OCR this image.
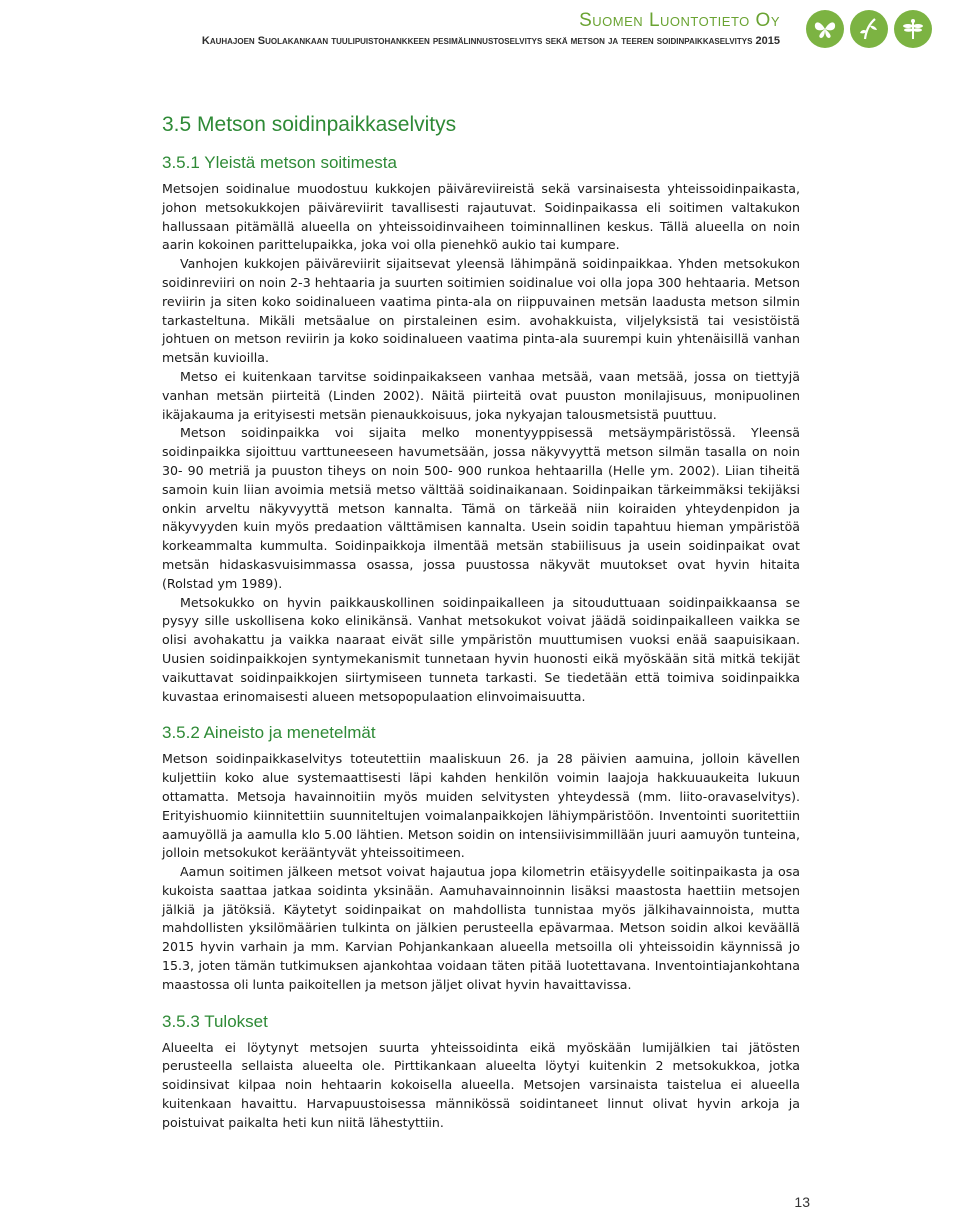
Suomen Luontotieto Oy
Kauhajoen Suolakankaan tuulipuistohankkeen pesimälinnustoselvitys sekä metson ja teeren soidinpaikkaselvitys 2015
3.5 Metson soidinpaikkaselvitys
3.5.1 Yleistä metson soitimesta

Metsojen soidinalue muodostuu kukkojen päiväreviireistä sekä varsinaisesta yhteissoidinpaikasta, johon metsokukkojen päiväreviirit tavallisesti rajautuvat. Soidinpaikassa eli soitimen valtakukon hallussaan pitämällä alueella on yhteissoidinvaiheen toiminnallinen keskus. Tällä alueella on noin aarin kokoinen parittelupaikka, joka voi olla pienehkö aukio tai kumpare.

Vanhojen kukkojen päiväreviirit sijaitsevat yleensä lähimpänä soidinpaikkaa. Yhden metsokukon soidinreviiri on noin 2-3 hehtaaria ja suurten soitimien soidinalue voi olla jopa 300 hehtaaria. Metson reviirin ja siten koko soidinalueen vaatima pinta-ala on riippuvainen metsän laadusta metson silmin tarkasteltuna. Mikäli metsäalue on pirstaleinen esim. avohakkuista, viljelyksistä tai vesistöistä johtuen on metson reviirin ja koko soidinalueen vaatima pinta-ala suurempi kuin yhtenäisillä vanhan metsän kuvioilla.

Metso ei kuitenkaan tarvitse soidinpaikakseen vanhaa metsää, vaan metsää, jossa on tiettyjä vanhan metsän piirteitä (Linden 2002). Näitä piirteitä ovat puuston monilajisuus, monipuolinen ikäjakauma ja erityisesti metsän pienaukkoisuus, joka nykyajan talousmetsistä puuttuu.

Metson soidinpaikka voi sijaita melko monentyyppisessä metsäympäristössä. Yleensä soidinpaikka sijoittuu varttuneeseen havumetsään, jossa näkyvyyttä metson silmän tasalla on noin 30- 90 metriä ja puuston tiheys on noin 500- 900 runkoa hehtaarilla (Helle ym. 2002). Liian tiheitä samoin kuin liian avoimia metsiä metso välttää soidinaikanaan. Soidinpaikan tärkeimmäksi tekijäksi onkin arveltu näkyvyyttä metson kannalta. Tämä on tärkeää niin koiraiden yhteydenpidon ja näkyvyyden kuin myös predaation välttämisen kannalta. Usein soidin tapahtuu hieman ympäristöä korkeammalta kummulta. Soidinpaikkoja ilmentää metsän stabiilisuus ja usein soidinpaikat ovat metsän hidaskasvuisimmassa osassa, jossa puustossa näkyvät muutokset ovat hyvin hitaita (Rolstad ym 1989).

Metsokukko on hyvin paikkauskollinen soidinpaikalleen ja sitouduttuaan soidinpaikkaansa se pysyy sille uskollisena koko elinikänsä. Vanhat metsokukot voivat jäädä soidinpaikalleen vaikka se olisi avohakattu ja vaikka naaraat eivät sille ympäristön muuttumisen vuoksi enää saapuisikaan. Uusien soidinpaikkojen syntymekanismit tunnetaan hyvin huonosti eikä myöskään sitä mitkä tekijät vaikuttavat soidinpaikkojen siirtymiseen tunneta tarkasti. Se tiedetään että toimiva soidinpaikka kuvastaa erinomaisesti alueen metsopopulaation elinvoimaisuutta.

3.5.2 Aineisto ja menetelmät

Metson soidinpaikkaselvitys toteutettiin maaliskuun 26. ja 28 päivien aamuina, jolloin kävellen kuljettiin koko alue systemaattisesti läpi kahden henkilön voimin laajoja hakkuuaukeita lukuun ottamatta. Metsoja havainnoitiin myös muiden selvitysten yhteydessä (mm. liito-oravaselvitys). Erityishuomio kiinnitettiin suunniteltujen voimalanpaikkojen lähiympäristöön. Inventointi suoritettiin aamuyöllä ja aamulla klo 5.00 lähtien. Metson soidin on intensiivisimmillään juuri aamuyön tunteina, jolloin metsokukot kerääntyvät yhteissoitimeen.

Aamun soitimen jälkeen metsot voivat hajautua jopa kilometrin etäisyydelle soitinpaikasta ja osa kukoista saattaa jatkaa soidinta yksinään. Aamuhavainnoinnin lisäksi maastosta haettiin metsojen jälkiä ja jätöksiä. Käytetyt soidinpaikat on mahdollista tunnistaa myös jälkihavainnoista, mutta mahdollisten yksilömäärien tulkinta on jälkien perusteella epävarmaa. Metson soidin alkoi keväällä 2015 hyvin varhain ja mm. Karvian Pohjankankaan alueella metsoilla oli yhteissoidin käynnissä jo 15.3, joten tämän tutkimuksen ajankohtaa voidaan täten pitää luotettavana. Inventointiajankohtana maastossa oli lunta paikoitellen ja metson jäljet olivat hyvin havaittavissa.

3.5.3 Tulokset

Alueelta ei löytynyt metsojen suurta yhteissoidinta eikä myöskään lumijälkien tai jätösten perusteella sellaista alueelta ole. Pirttikankaan alueelta löytyi kuitenkin 2 metsokukkoa, jotka soidinsivat kilpaa noin hehtaarin kokoisella alueella. Metsojen varsinaista taistelua ei alueella kuitenkaan havaittu. Harvapuustoisessa männikössä soidintaneet linnut olivat hyvin arkoja ja poistuivat paikalta heti kun niitä lähestyttiin.

13
